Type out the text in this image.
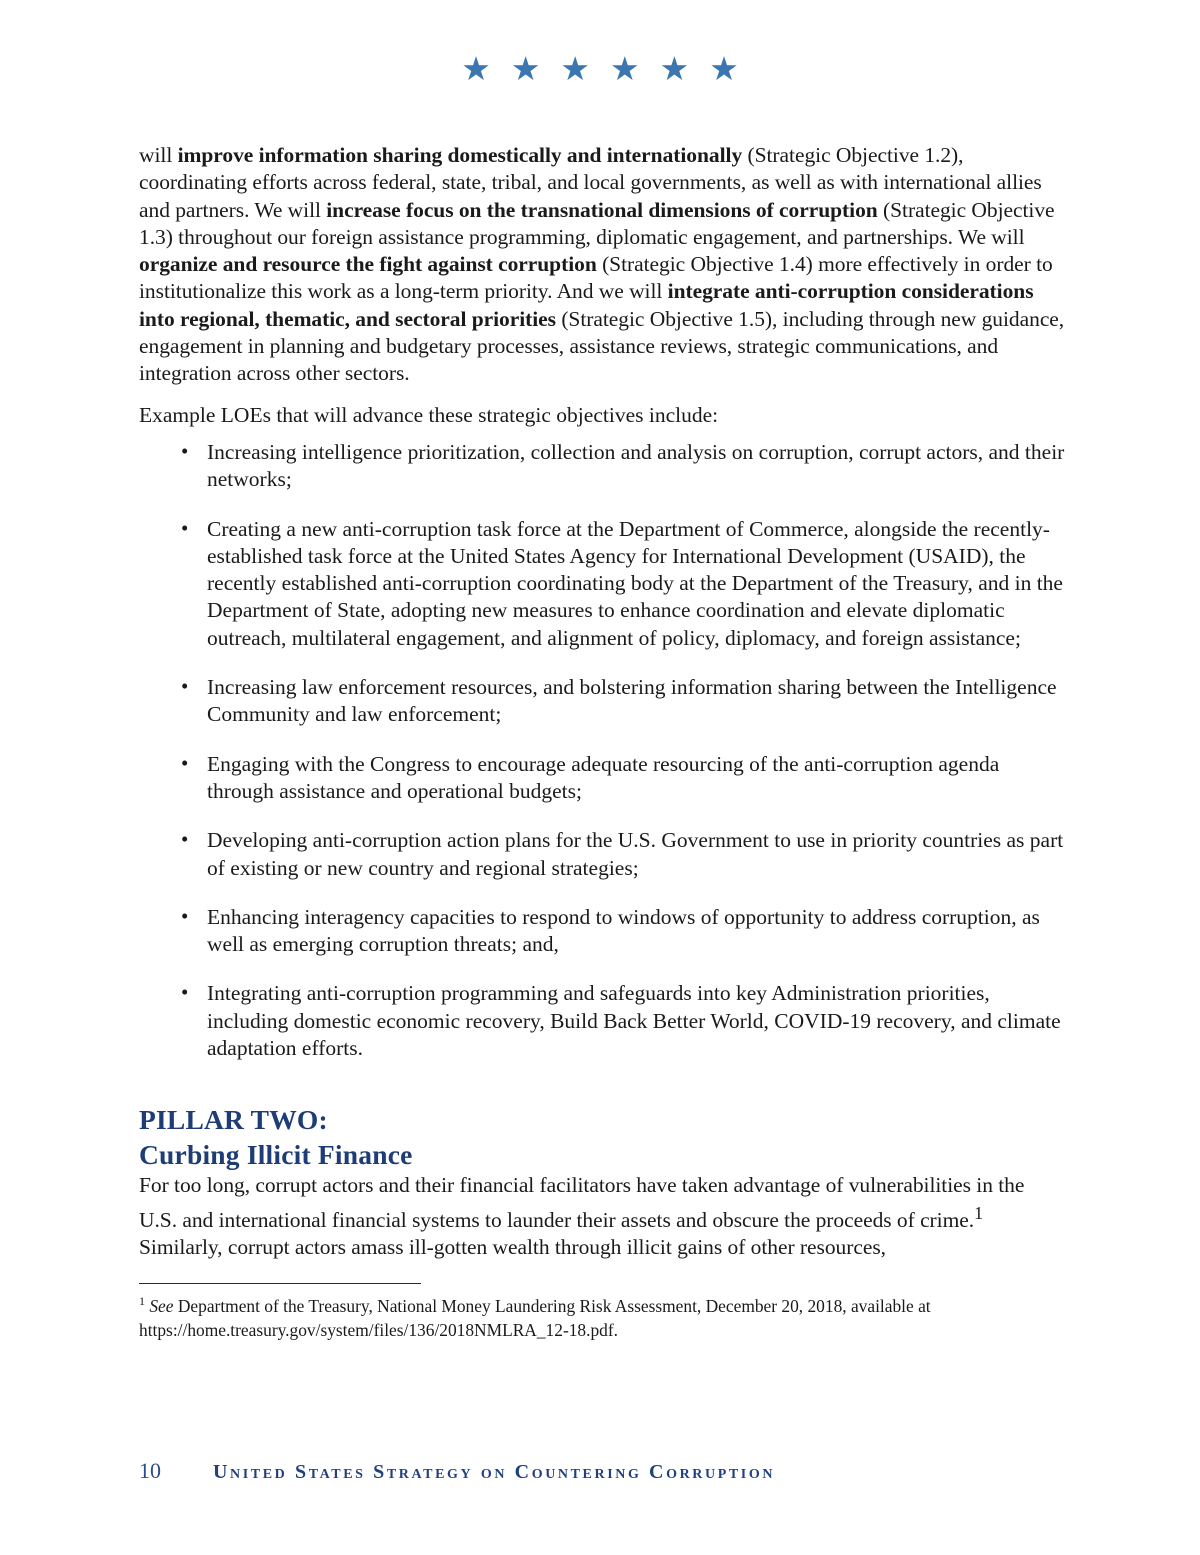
★ ★ ★ ★ ★ ★

will improve information sharing domestically and internationally (Strategic Objective 1.2), coordinating efforts across federal, state, tribal, and local governments, as well as with international allies and partners. We will increase focus on the transnational dimensions of corruption (Strategic Objective 1.3) throughout our foreign assistance programming, diplomatic engagement, and partnerships. We will organize and resource the fight against corruption (Strategic Objective 1.4) more effectively in order to institutionalize this work as a long-term priority. And we will integrate anti-corruption considerations into regional, thematic, and sectoral priorities (Strategic Objective 1.5), including through new guidance, engagement in planning and budgetary processes, assistance reviews, strategic communications, and integration across other sectors.

Example LOEs that will advance these strategic objectives include:

• Increasing intelligence prioritization, collection and analysis on corruption, corrupt actors, and their networks;
• Creating a new anti-corruption task force at the Department of Commerce, alongside the recently-established task force at the United States Agency for International Development (USAID), the recently established anti-corruption coordinating body at the Department of the Treasury, and in the Department of State, adopting new measures to enhance coordination and elevate diplomatic outreach, multilateral engagement, and alignment of policy, diplomacy, and foreign assistance;
• Increasing law enforcement resources, and bolstering information sharing between the Intelligence Community and law enforcement;
• Engaging with the Congress to encourage adequate resourcing of the anti-corruption agenda through assistance and operational budgets;
• Developing anti-corruption action plans for the U.S. Government to use in priority countries as part of existing or new country and regional strategies;
• Enhancing interagency capacities to respond to windows of opportunity to address corruption, as well as emerging corruption threats; and,
• Integrating anti-corruption programming and safeguards into key Administration priorities, including domestic economic recovery, Build Back Better World, COVID-19 recovery, and climate adaptation efforts.
PILLAR TWO:
Curbing Illicit Finance

For too long, corrupt actors and their financial facilitators have taken advantage of vulnerabilities in the U.S. and international financial systems to launder their assets and obscure the proceeds of crime.$^1$  Similarly, corrupt actors amass ill-gotten wealth through illicit gains of other resources,

$^1$ See Department of the Treasury, National Money Laundering Risk Assessment, December 20, 2018, available at https://home.treasury.gov/system/files/136/2018NMLRA_12-18.pdf.

10	United States Strategy on Countering Corruption
